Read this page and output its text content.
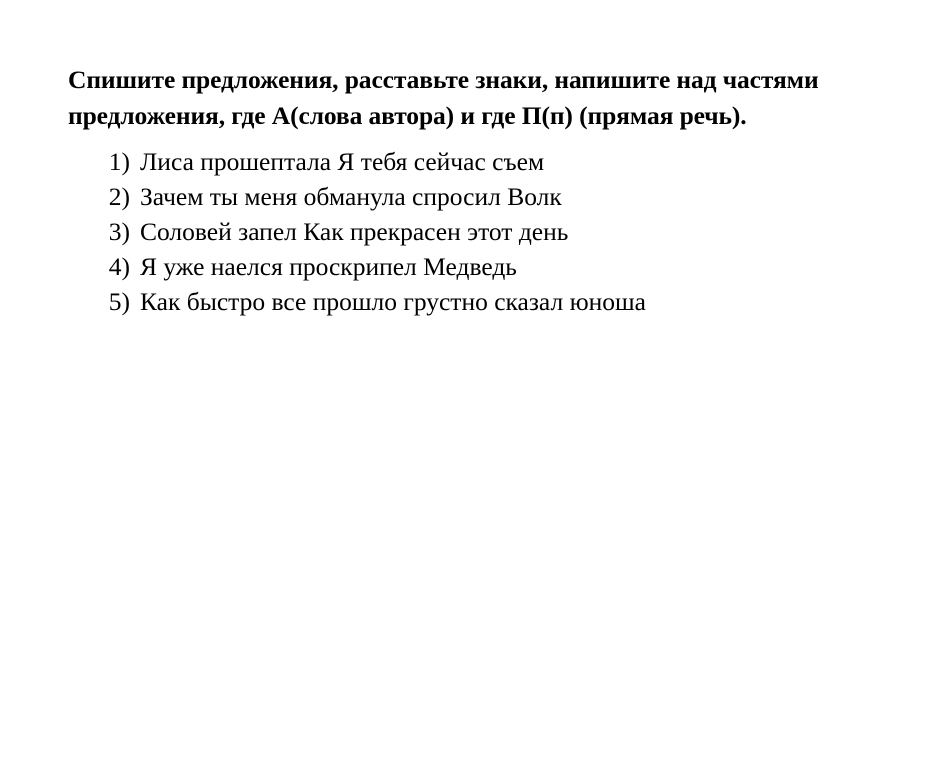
Спишите предложения, расставьте знаки, напишите над частями предложения, где А(слова автора) и где П(п) (прямая речь).

1) Лиса прошептала Я тебя сейчас съем
2) Зачем ты меня обманула спросил Волк
3) Соловей запел Как прекрасен этот день
4) Я уже наелся проскрипел Медведь
5) Как быстро все прошло грустно сказал юноша
